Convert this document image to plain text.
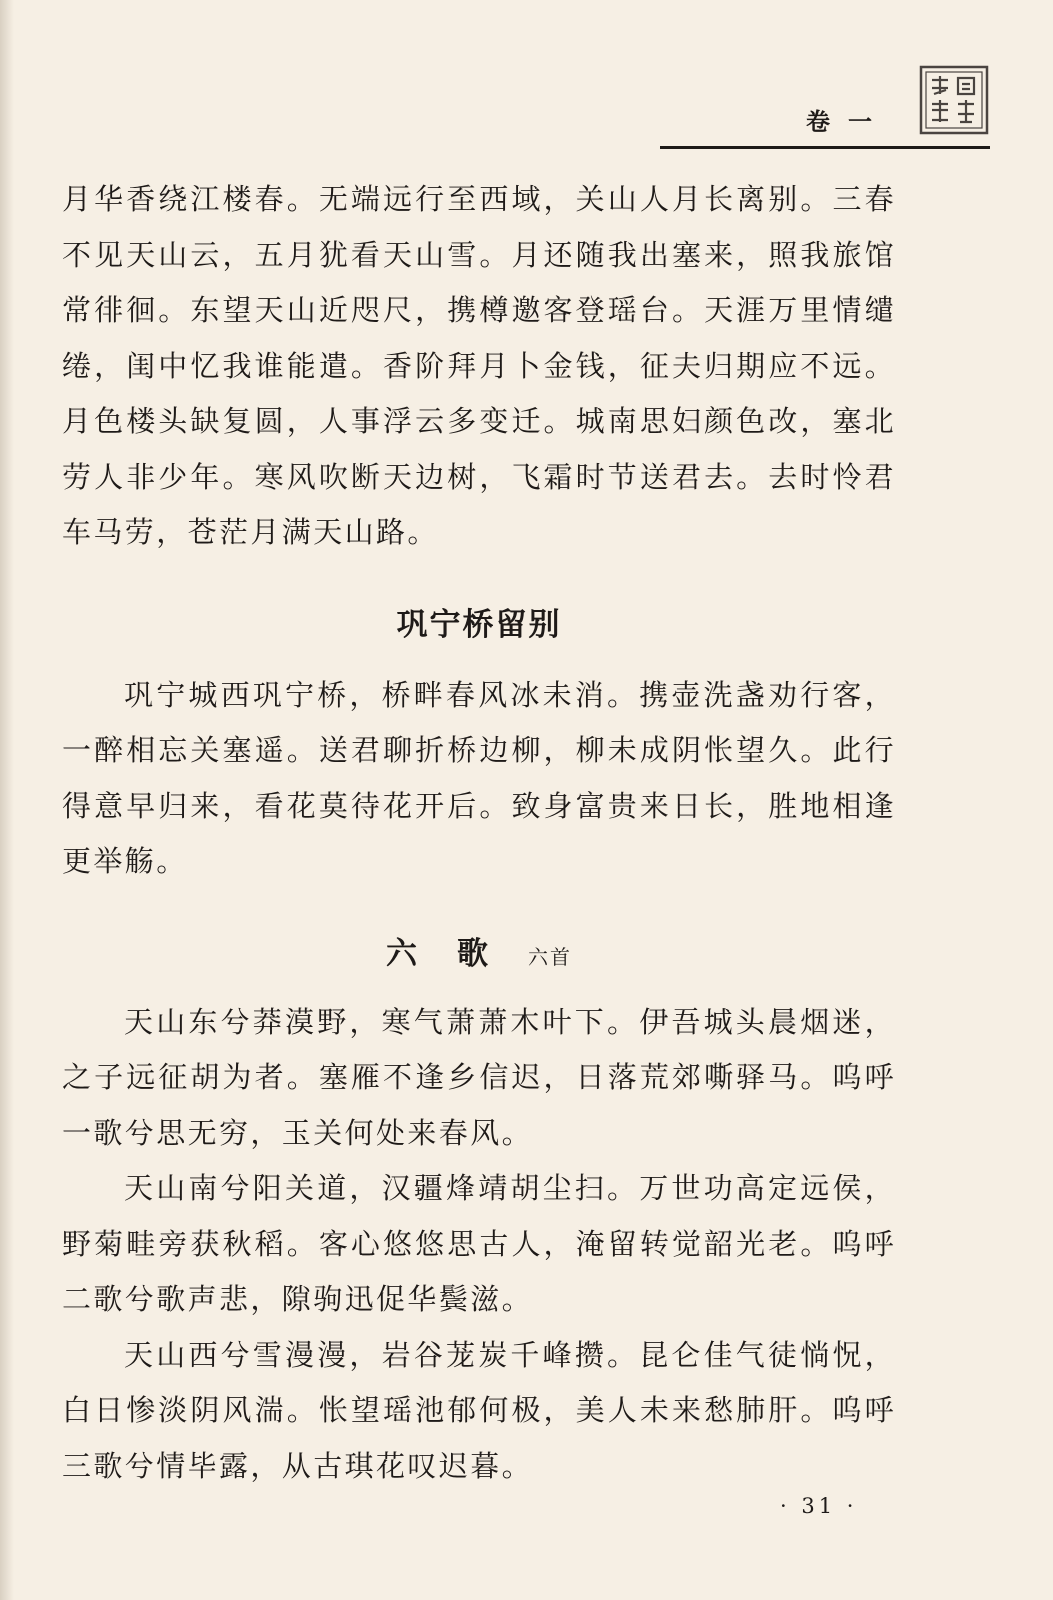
卷一

月华香绕江楼春。无端远行至西域，关山人月长离别。三春不见天山云，五月犹看天山雪。月还随我出塞来，照我旅馆常徘徊。东望天山近咫尺，携樽邀客登瑶台。天涯万里情缱绻，闺中忆我谁能遣。香阶拜月卜金钱，征夫归期应不远。月色楼头缺复圆，人事浮云多变迁。城南思妇颜色改，塞北劳人非少年。寒风吹断天边树，飞霜时节送君去。去时怜君车马劳，苍茫月满天山路。

巩宁桥留别

巩宁城西巩宁桥，桥畔春风冰未消。携壶洗盏劝行客，一醉相忘关塞遥。送君聊折桥边柳，柳未成阴怅望久。此行得意早归来，看花莫待花开后。致身富贵来日长，胜地相逢更举觞。

六歌六首

天山东兮莽漠野，寒气萧萧木叶下。伊吾城头晨烟迷，之子远征胡为者。塞雁不逢乡信迟，日落荒郊嘶驿马。呜呼一歌兮思无穷，玉关何处来春风。

天山南兮阳关道，汉疆烽靖胡尘扫。万世功高定远侯，野菊畦旁获秋稻。客心悠悠思古人，淹留转觉韶光老。呜呼二歌兮歌声悲，隙驹迅促华鬓滋。

天山西兮雪漫漫，岩谷茏炭千峰攒。昆仑佳气徒惝怳，白日惨淡阴风湍。怅望瑶池郁何极，美人未来愁肺肝。呜呼三歌兮情毕露，从古琪花叹迟暮。

· 31 ·
